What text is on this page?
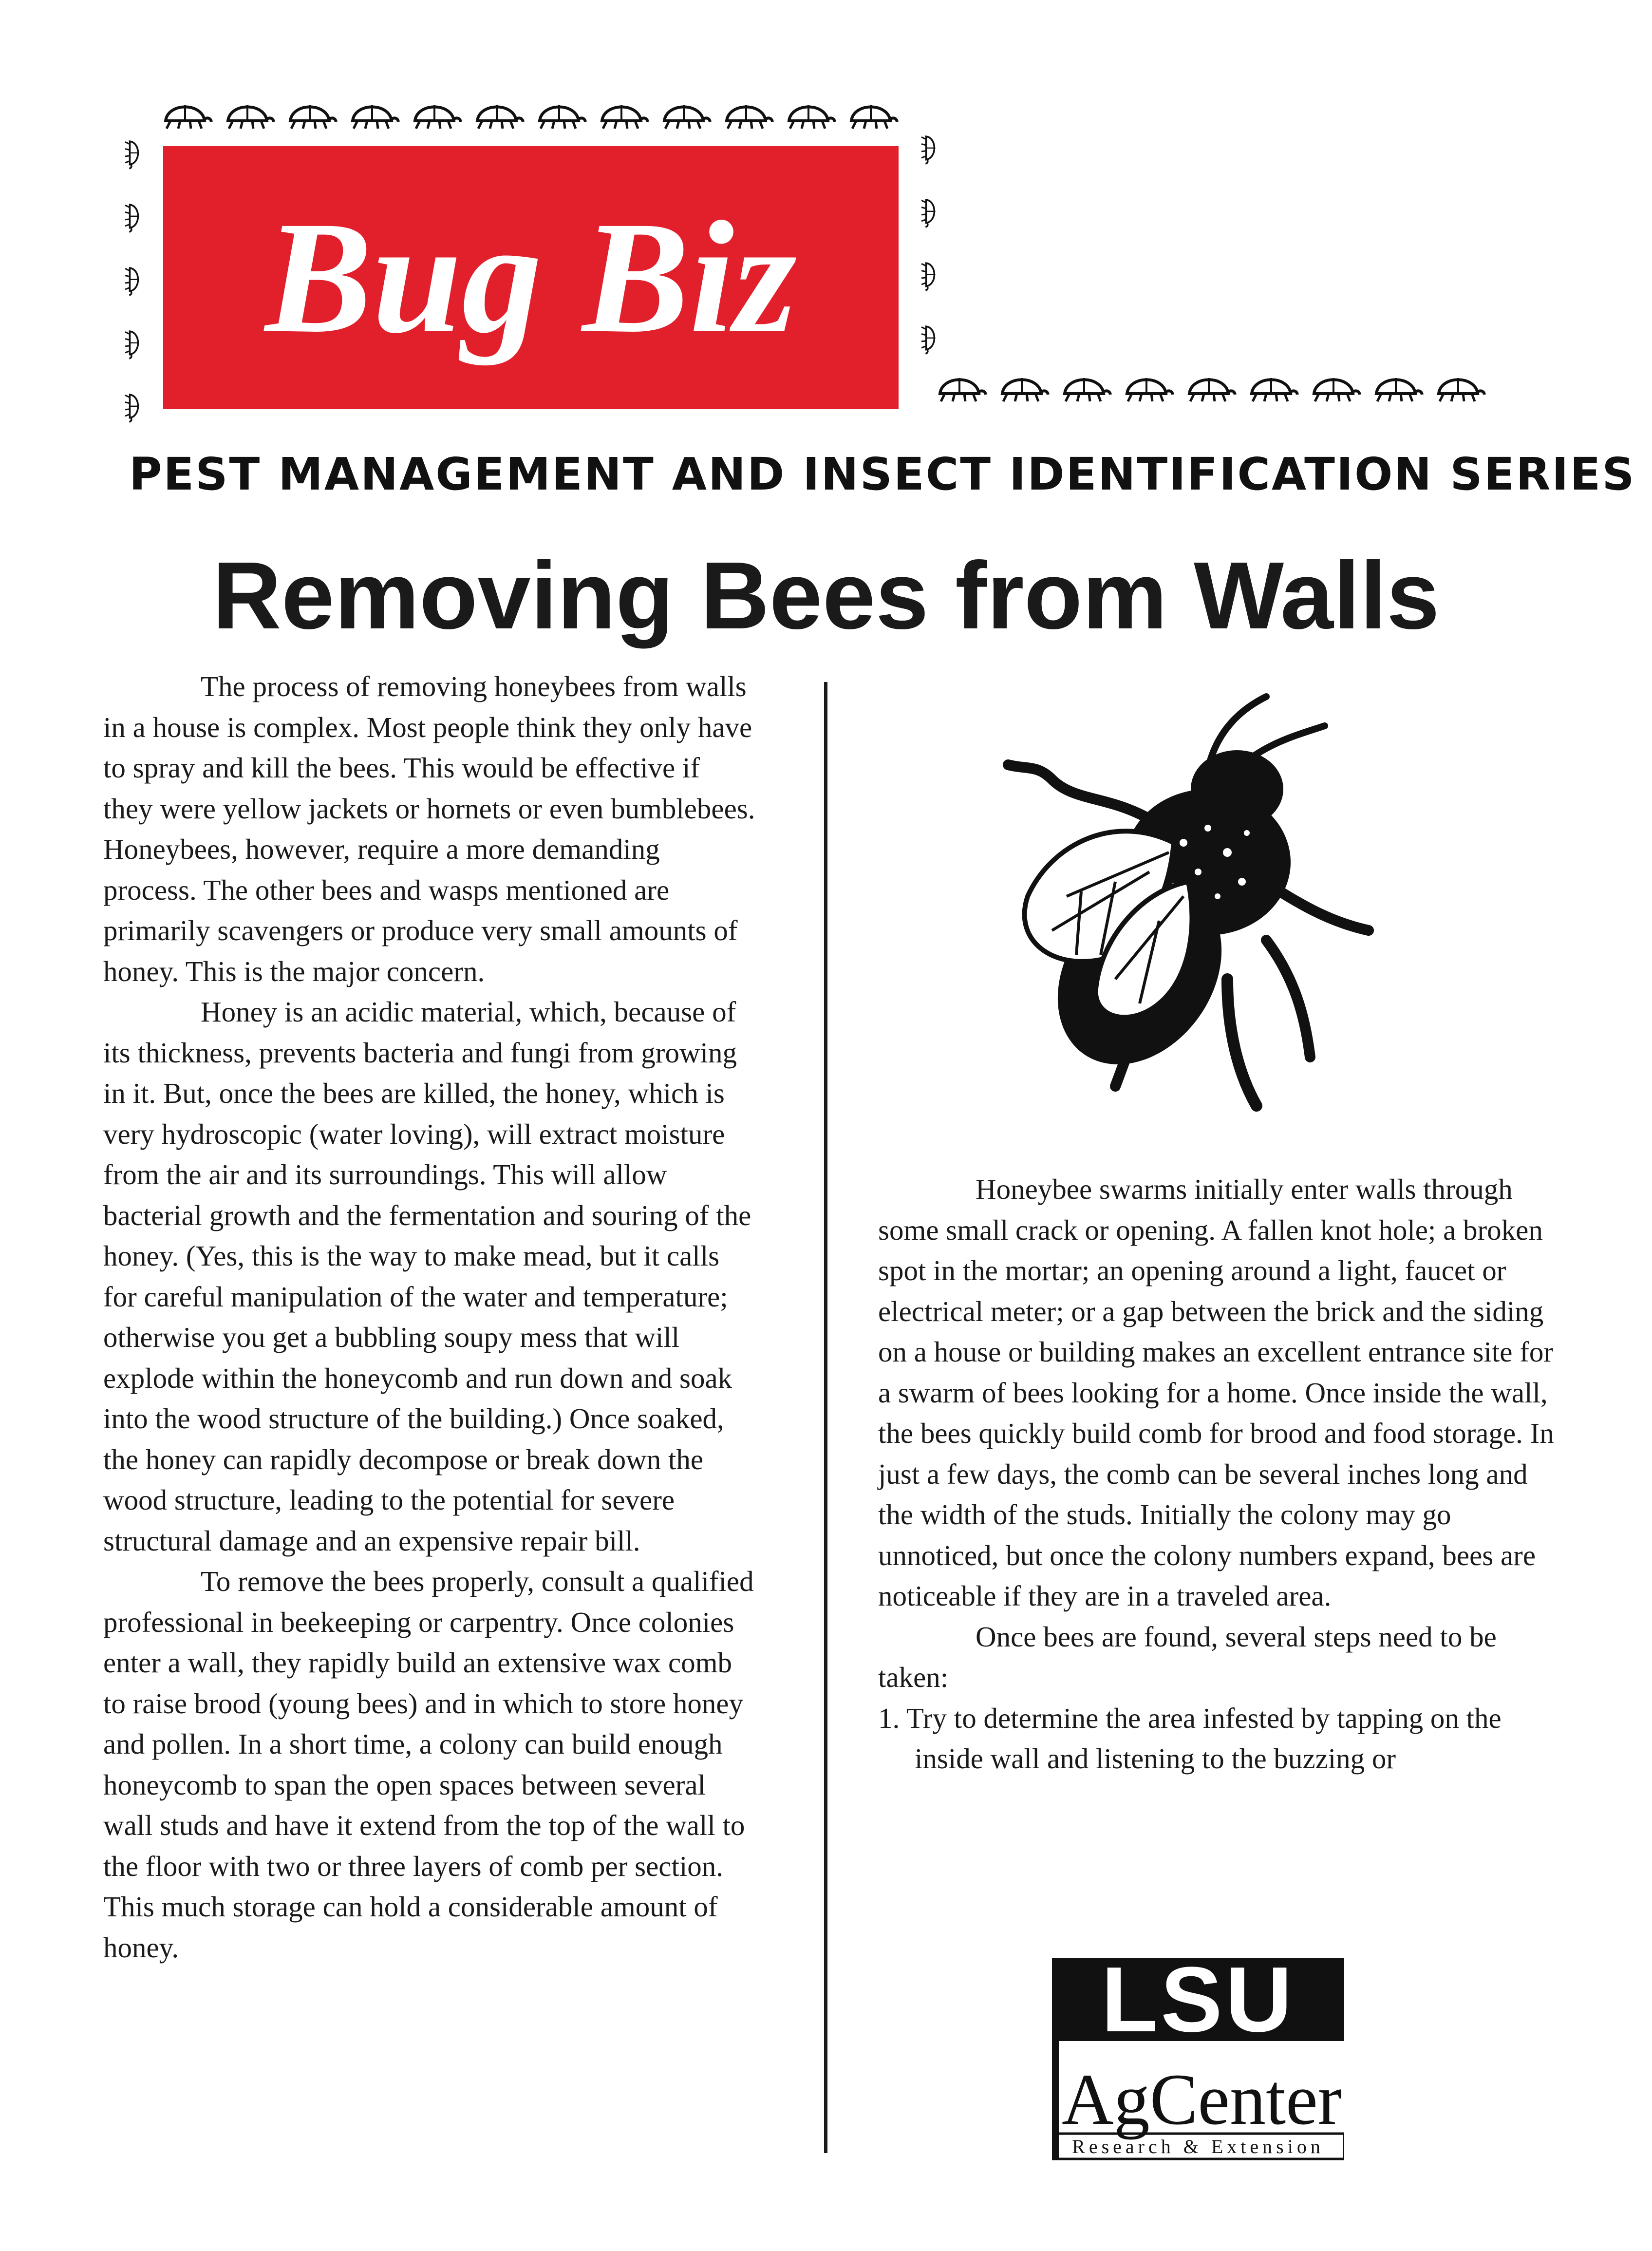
Bug Biz
PEST MANAGEMENT AND INSECT IDENTIFICATION SERIES
Removing Bees from Walls

The process of removing honeybees from walls in a house is complex. Most people think they only have to spray and kill the bees. This would be effective if they were yellow jackets or hornets or even bumblebees. Honeybees, however, require a more demanding process. The other bees and wasps mentioned are primarily scavengers or produce very small amounts of honey. This is the major concern.

Honey is an acidic material, which, because of its thickness, prevents bacteria and fungi from growing in it. But, once the bees are killed, the honey, which is very hydroscopic (water loving), will extract moisture from the air and its surroundings. This will allow bacterial growth and the fermentation and souring of the honey. (Yes, this is the way to make mead, but it calls for careful manipulation of the water and temperature; otherwise you get a bubbling soupy mess that will explode within the honeycomb and run down and soak into the wood structure of the building.) Once soaked, the honey can rapidly decompose or break down the wood structure, leading to the potential for severe structural damage and an expensive repair bill.

To remove the bees properly, consult a qualified professional in beekeeping or carpentry. Once colonies enter a wall, they rapidly build an extensive wax comb to raise brood (young bees) and in which to store honey and pollen. In a short time, a colony can build enough honeycomb to span the open spaces between several wall studs and have it extend from the top of the wall to the floor with two or three layers of comb per section. This much storage can hold a considerable amount of honey.

Honeybee swarms initially enter walls through some small crack or opening. A fallen knot hole; a broken spot in the mortar; an opening around a light, faucet or electrical meter; or a gap between the brick and the siding on a house or building makes an excellent entrance site for a swarm of bees looking for a home. Once inside the wall, the bees quickly build comb for brood and food storage. In just a few days, the comb can be several inches long and the width of the studs. Initially the colony may go unnoticed, but once the colony numbers expand, bees are noticeable if they are in a traveled area.

Once bees are found, several steps need to be taken:

1. Try to determine the area infested by tapping on the inside wall and listening to the buzzing or
LSU
AgCenter
Research & Extension
